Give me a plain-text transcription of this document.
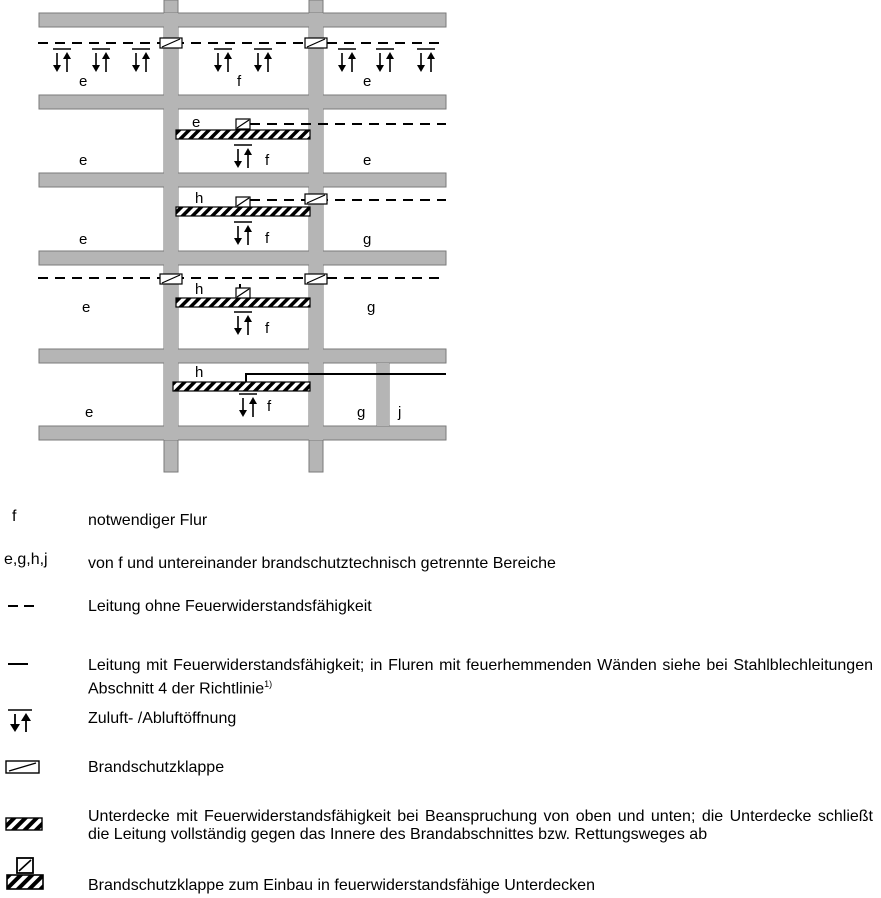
e	f	e
e
e	f	e
h
e	f	g
h
e
f
g
h
e	f	g j
f	notwendiger Flur
e,g,h,j	von f und untereinander brandschutztechnisch getrennte Bereiche
Leitung ohne Feuerwiderstandsfähigkeit
Leitung mit Feuerwiderstandsfähigkeit; in Fluren mit feuerhemmenden Wänden siehe bei Stahlblechleitungen Abschnitt 4 der Richtlinie$^{1)}$
Zuluft- /Abluftöffnung
Brandschutzklappe
Unterdecke mit Feuerwiderstandsfähigkeit bei Beanspruchung von oben und unten; die Unterdecke schließt die Leitung vollständig gegen das Innere des Brandabschnittes bzw. Rettungsweges ab
Brandschutzklappe zum Einbau in feuerwiderstandsfähige Unterdecken
